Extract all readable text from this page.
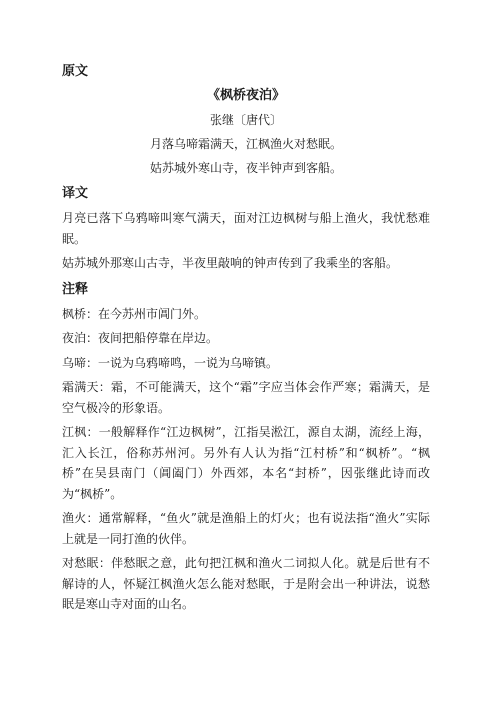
原文
《枫桥夜泊》
张继〔唐代〕
月落乌啼霜满天，江枫渔火对愁眠。
姑苏城外寒山寺，夜半钟声到客船。
译文

月亮已落下乌鸦啼叫寒气满天，面对江边枫树与船上渔火，我忧愁难眠。

姑苏城外那寒山古寺，半夜里敲响的钟声传到了我乘坐的客船。

注释

枫桥：在今苏州市阊门外。

夜泊：夜间把船停靠在岸边。

乌啼：一说为乌鸦啼鸣，一说为乌啼镇。

霜满天：霜，不可能满天，这个“霜”字应当体会作严寒；霜满天，是空气极冷的形象语。

江枫：一般解释作“江边枫树”，江指吴淞江，源自太湖，流经上海，汇入长江，俗称苏州河。另外有人认为指“江村桥”和“枫桥”。“枫桥”在吴县南门（阊阖门）外西郊，本名“封桥”，因张继此诗而改为“枫桥”。

渔火：通常解释，“鱼火”就是渔船上的灯火；也有说法指“渔火”实际上就是一同打渔的伙伴。

对愁眠：伴愁眠之意，此句把江枫和渔火二词拟人化。就是后世有不解诗的人，怀疑江枫渔火怎么能对愁眠，于是附会出一种讲法，说愁眠是寒山寺对面的山名。
